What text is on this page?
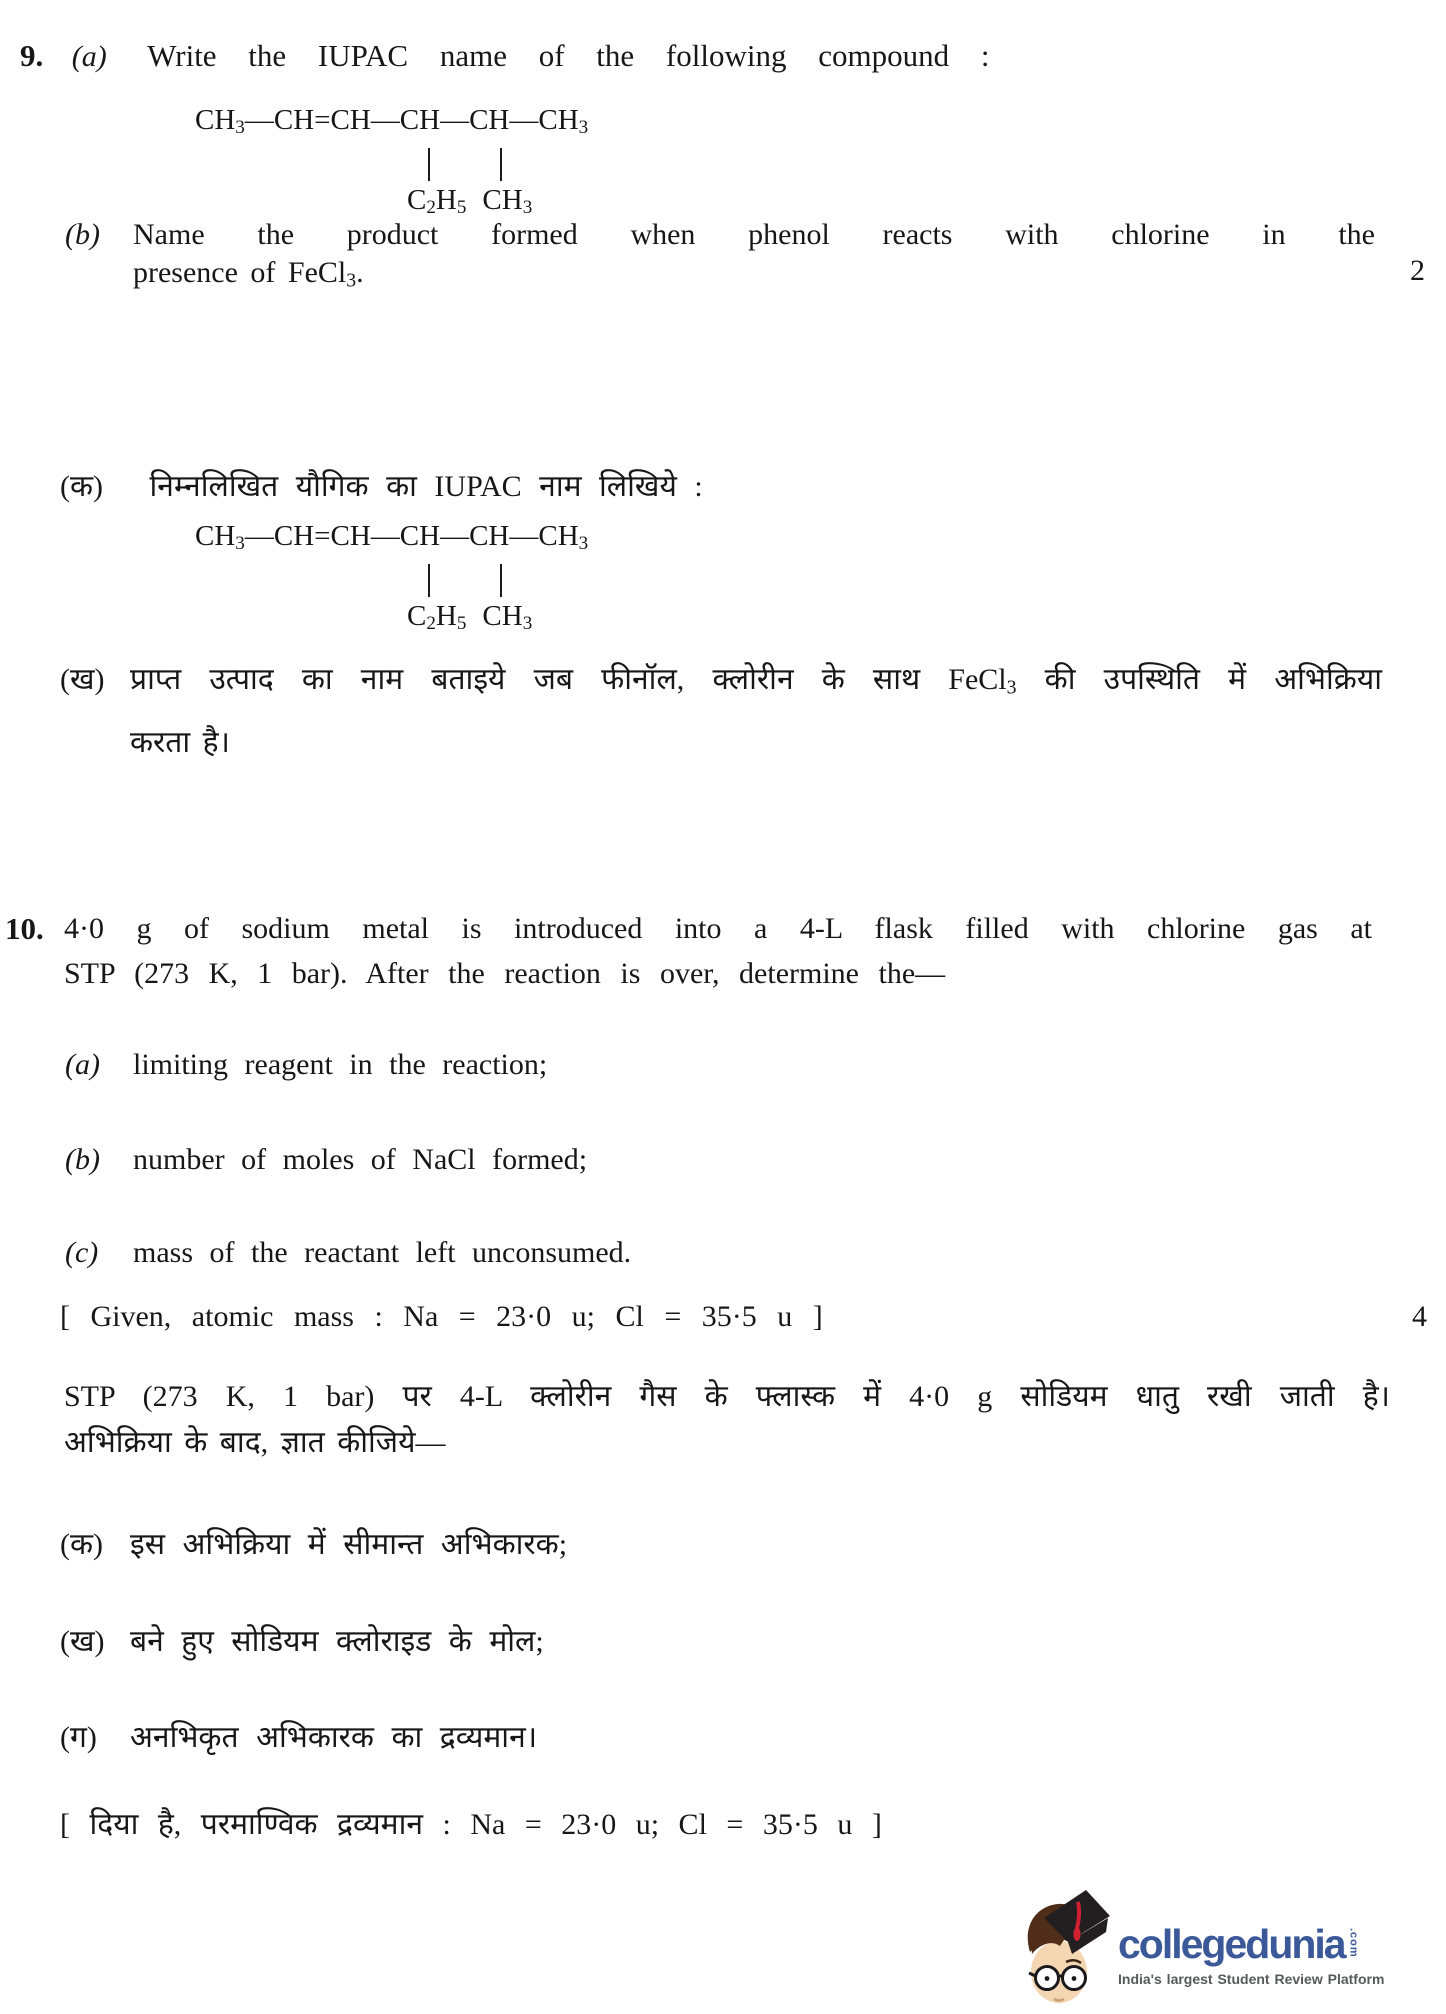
9. (a) Write the IUPAC name of the following compound :
$CH_3—CH=CH—CH—CH—CH_3$
$C_2H_5$ $CH_3$
(b) Name the product formed when phenol reacts with chlorine in the
presence of FeCl$_3$.	2
(क) निम्नलिखित यौगिक का IUPAC नाम लिखिये :
$CH_3—CH=CH—CH—CH—CH_3$
$C_2H_5$ $CH_3$
(ख) प्राप्त उत्पाद का नाम बताइये जब फीनॉल, क्लोरीन के साथ FeCl$_3$ की उपस्थिति में अभिक्रिया
करता है।
10. 4·0 g of sodium metal is introduced into a 4-L flask filled with chlorine gas at
STP (273 K, 1 bar). After the reaction is over, determine the—
(a) limiting reagent in the reaction;
(b) number of moles of NaCl formed;
(c) mass of the reactant left unconsumed.
[ Given, atomic mass : Na = 23·0 u; Cl = 35·5 u ]	4
STP (273 K, 1 bar) पर 4-L क्लोरीन गैस के फ्लास्क में 4·0 g सोडियम धातु रखी जाती है।
अभिक्रिया के बाद, ज्ञात कीजिये—
(क) इस अभिक्रिया में सीमान्त अभिकारक;
(ख) बने हुए सोडियम क्लोराइड के मोल;
(ग) अनभिकृत अभिकारक का द्रव्यमान।
[ दिया है, परमाण्विक द्रव्यमान : Na = 23·0 u; Cl = 35·5 u ]
collegedunia .com
India's largest Student Review Platform
